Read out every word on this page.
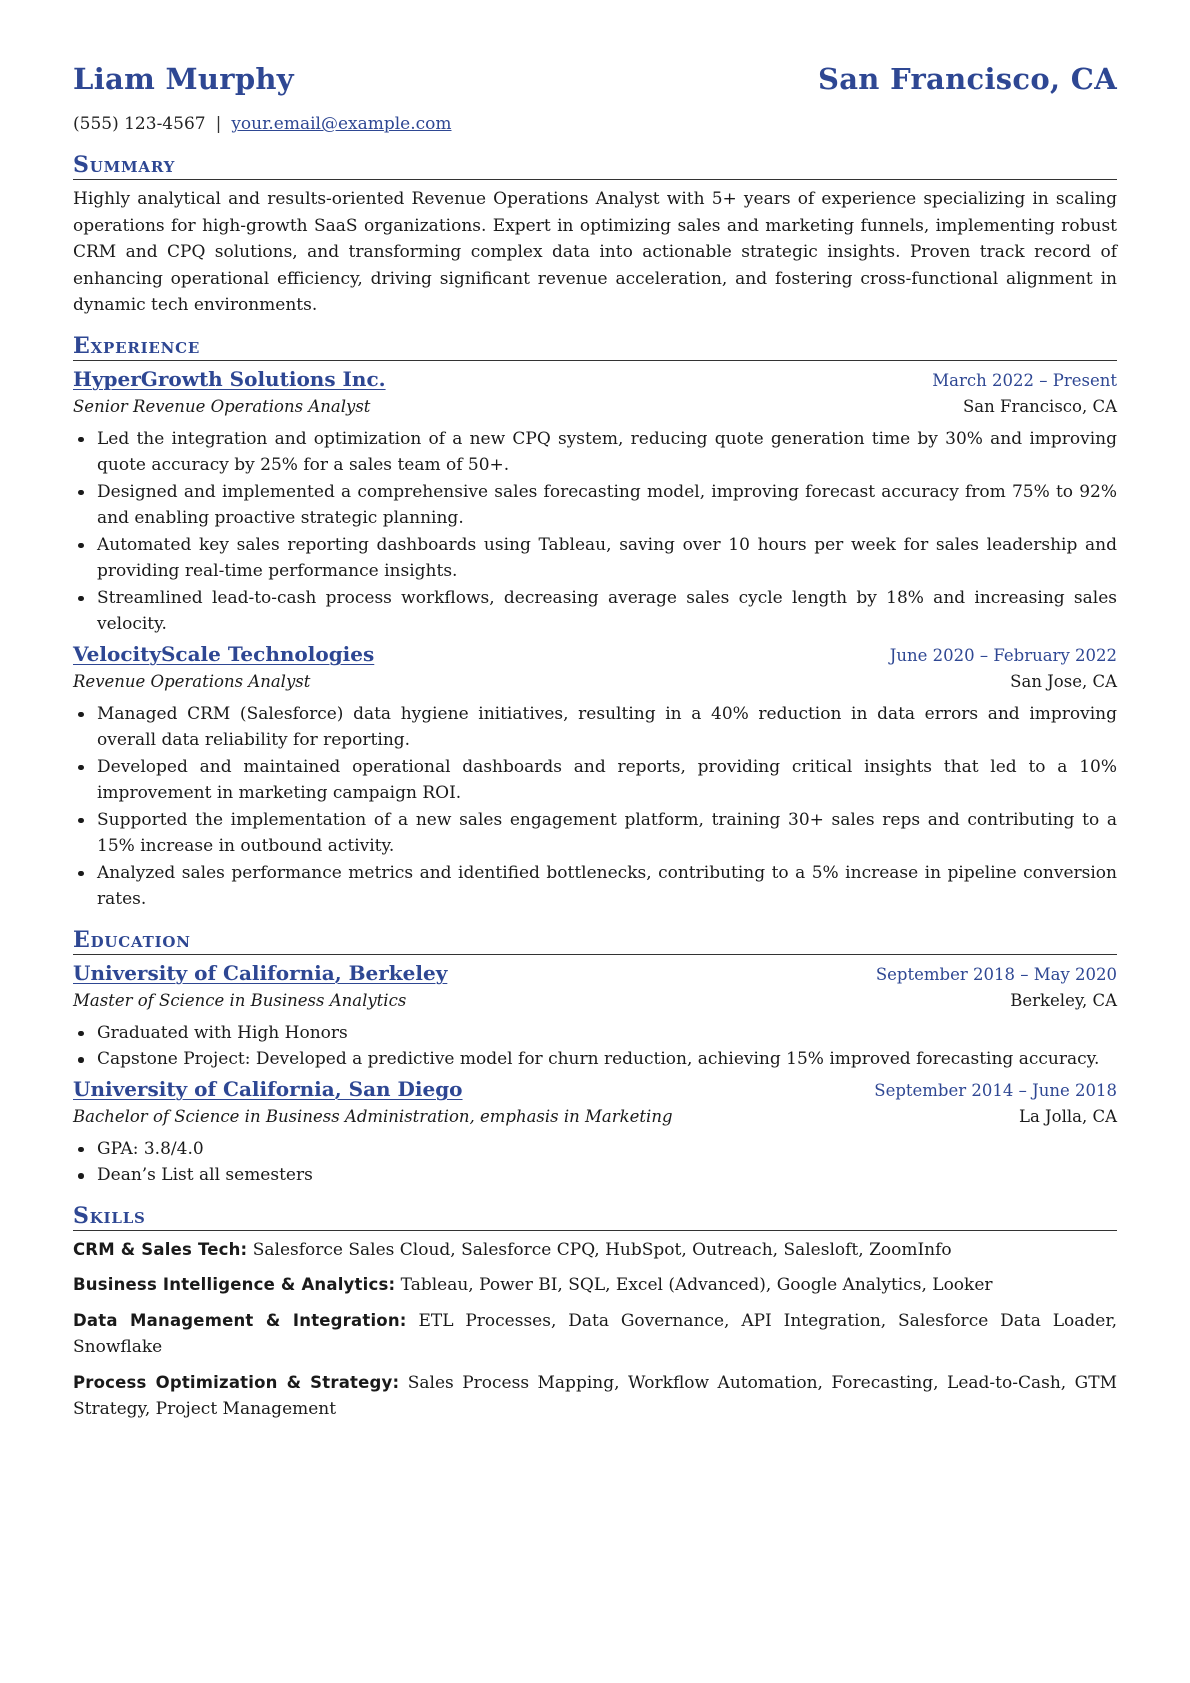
Liam Murphy	San Francisco, CA
(555) 123-4567 | your.email@example.com
Summary
Highly analytical and results-oriented Revenue Operations Analyst with 5+ years of experience specializing in scaling operations for high-growth SaaS organizations. Expert in optimizing sales and marketing funnels, implementing robust CRM and CPQ solutions, and transforming complex data into actionable strategic insights. Proven track record of enhancing operational efficiency, driving significant revenue acceleration, and fostering cross-functional alignment in dynamic tech environments.
Experience
HyperGrowth Solutions Inc.	March 2022 – Present
Senior Revenue Operations Analyst	San Francisco, CA
Led the integration and optimization of a new CPQ system, reducing quote generation time by 30% and improving quote accuracy by 25% for a sales team of 50+.
Designed and implemented a comprehensive sales forecasting model, improving forecast accuracy from 75% to 92% and enabling proactive strategic planning.
Automated key sales reporting dashboards using Tableau, saving over 10 hours per week for sales leadership and providing real-time performance insights.
Streamlined lead-to-cash process workflows, decreasing average sales cycle length by 18% and increasing sales velocity.
VelocityScale Technologies	June 2020 – February 2022
Revenue Operations Analyst	San Jose, CA
Managed CRM (Salesforce) data hygiene initiatives, resulting in a 40% reduction in data errors and improving overall data reliability for reporting.
Developed and maintained operational dashboards and reports, providing critical insights that led to a 10% improvement in marketing campaign ROI.
Supported the implementation of a new sales engagement platform, training 30+ sales reps and contributing to a 15% increase in outbound activity.
Analyzed sales performance metrics and identified bottlenecks, contributing to a 5% increase in pipeline conversion rates.
Education
University of California, Berkeley	September 2018 – May 2020
Master of Science in Business Analytics	Berkeley, CA
Graduated with High Honors
Capstone Project: Developed a predictive model for churn reduction, achieving 15% improved forecasting accuracy.
University of California, San Diego	September 2014 – June 2018
Bachelor of Science in Business Administration, emphasis in Marketing	La Jolla, CA
GPA: 3.8/4.0
Dean’s List all semesters
Skills
CRM & Sales Tech: Salesforce Sales Cloud, Salesforce CPQ, HubSpot, Outreach, Salesloft, ZoomInfo
Business Intelligence & Analytics: Tableau, Power BI, SQL, Excel (Advanced), Google Analytics, Looker
Data Management & Integration: ETL Processes, Data Governance, API Integration, Salesforce Data Loader, Snowflake
Process Optimization & Strategy: Sales Process Mapping, Workflow Automation, Forecasting, Lead-to-Cash, GTM Strategy, Project Management
